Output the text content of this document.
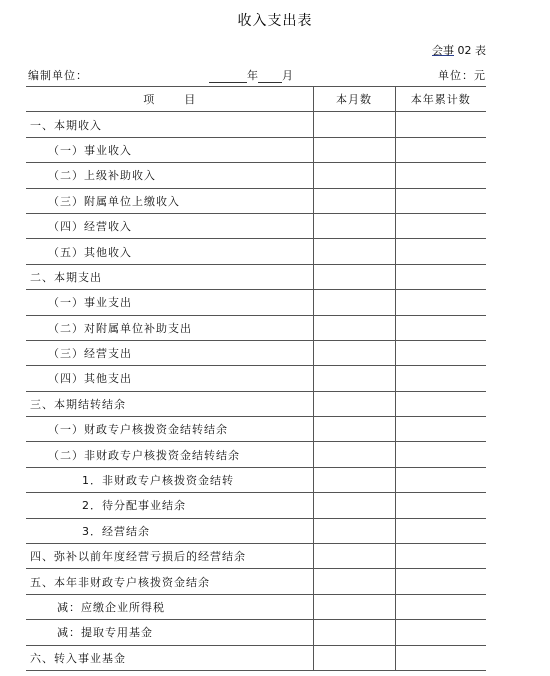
收入支出表
会事 02 表
编制单位：	年 月	单位：元
项 目	本月数	本年累计数
一、本期收入		
（一）事业收入		
（二）上级补助收入		
（三）附属单位上缴收入		
（四）经营收入		
（五）其他收入		
二、本期支出		
（一）事业支出		
（二）对附属单位补助支出		
（三）经营支出		
（四）其他支出		
三、本期结转结余		
（一）财政专户核拨资金结转结余		
（二）非财政专户核拨资金结转结余		
1．非财政专户核拨资金结转		
2．待分配事业结余		
3．经营结余		
四、弥补以前年度经营亏损后的经营结余		
五、本年非财政专户核拨资金结余		
减：应缴企业所得税		
减：提取专用基金		
六、转入事业基金		
